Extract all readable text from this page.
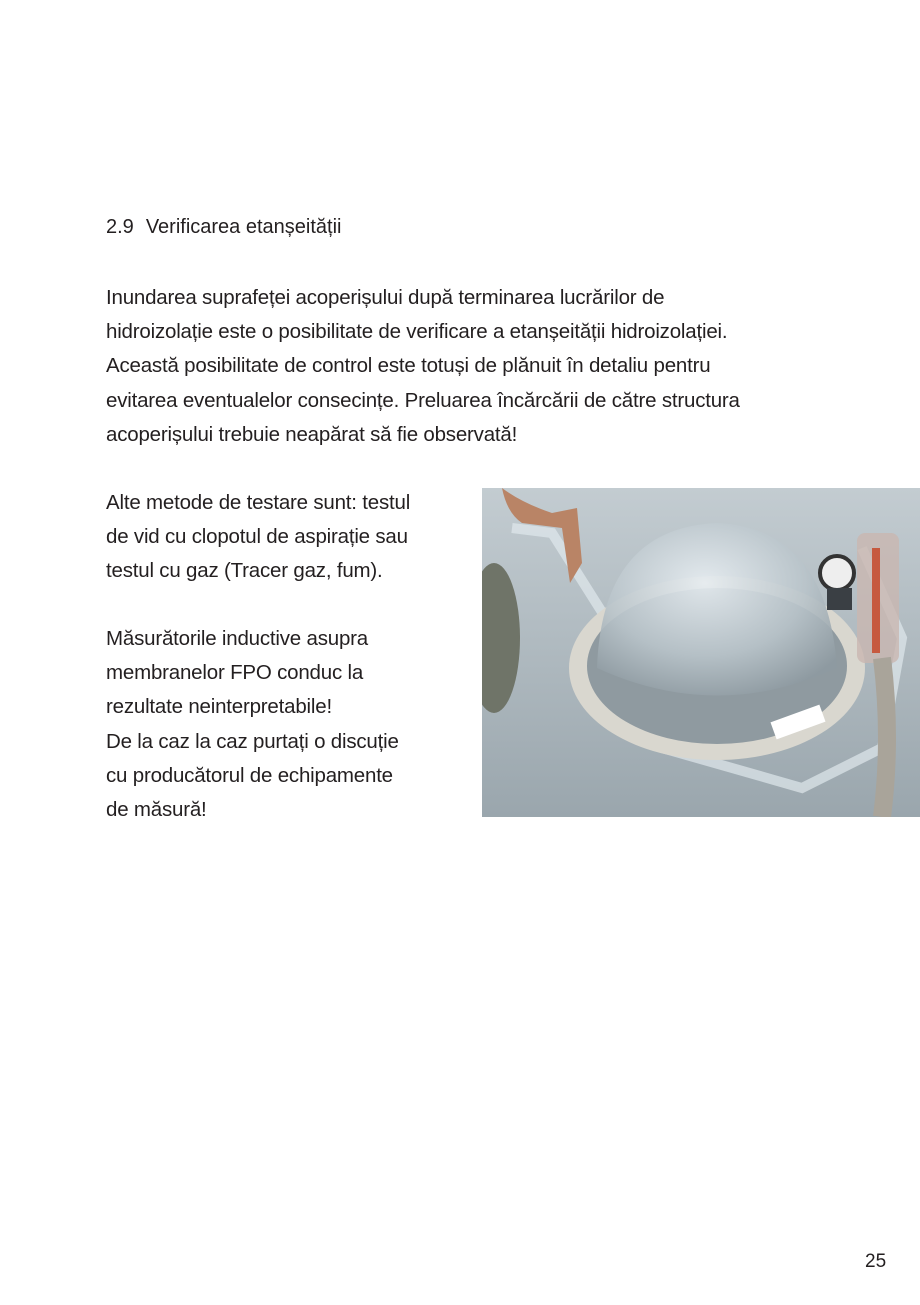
2.9 Verificarea etanșeității
Inundarea suprafeței acoperișului după terminarea lucrărilor de
hidroizolație este o posibilitate de verificare a etanșeității hidroizolației.
Această posibilitate de control este totuși de plănuit în detaliu pentru
evitarea eventualelor consecințe. Preluarea încărcării de către structura
acoperișului trebuie neapărat să fie observată!
Alte metode de testare sunt: testul
de vid cu clopotul de aspirație sau
testul cu gaz (Tracer gaz, fum).
Măsurătorile inductive asupra
membranelor FPO conduc la
rezultate neinterpretabile!
De la caz la caz purtați o discuție
cu producătorul de echipamente
de măsură!
25
